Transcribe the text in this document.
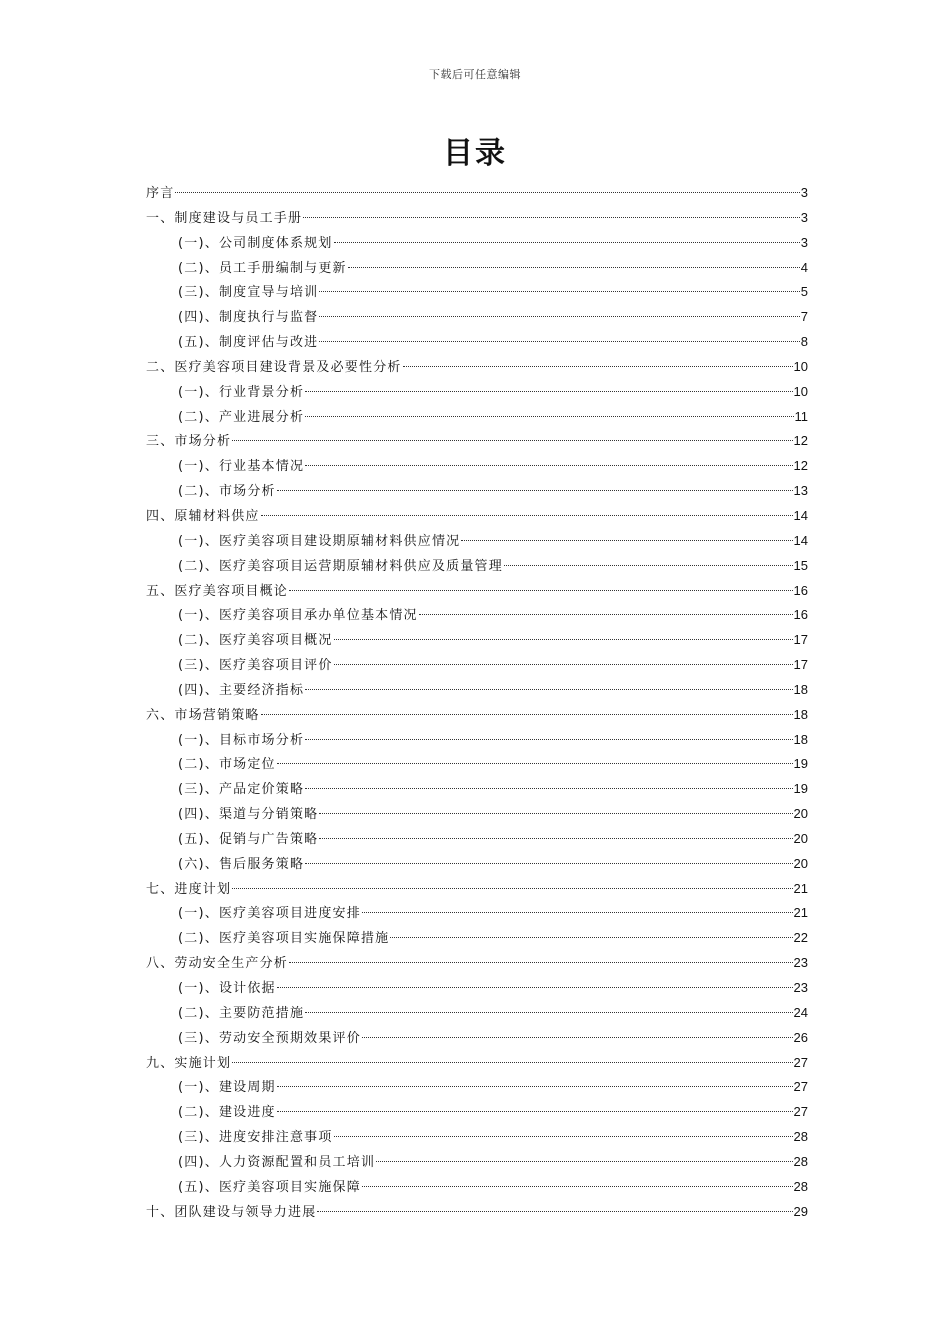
下载后可任意编辑
目录
序言	3
一、制度建设与员工手册	3
(一)、公司制度体系规划	3
(二)、员工手册编制与更新	4
(三)、制度宣导与培训	5
(四)、制度执行与监督	7
(五)、制度评估与改进	8
二、医疗美容项目建设背景及必要性分析	10
(一)、行业背景分析	10
(二)、产业进展分析	11
三、市场分析	12
(一)、行业基本情况	12
(二)、市场分析	13
四、原辅材料供应	14
(一)、医疗美容项目建设期原辅材料供应情况	14
(二)、医疗美容项目运营期原辅材料供应及质量管理	15
五、医疗美容项目概论	16
(一)、医疗美容项目承办单位基本情况	16
(二)、医疗美容项目概况	17
(三)、医疗美容项目评价	17
(四)、主要经济指标	18
六、市场营销策略	18
(一)、目标市场分析	18
(二)、市场定位	19
(三)、产品定价策略	19
(四)、渠道与分销策略	20
(五)、促销与广告策略	20
(六)、售后服务策略	20
七、进度计划	21
(一)、医疗美容项目进度安排	21
(二)、医疗美容项目实施保障措施	22
八、劳动安全生产分析	23
(一)、设计依据	23
(二)、主要防范措施	24
(三)、劳动安全预期效果评价	26
九、实施计划	27
(一)、建设周期	27
(二)、建设进度	27
(三)、进度安排注意事项	28
(四)、人力资源配置和员工培训	28
(五)、医疗美容项目实施保障	28
十、团队建设与领导力进展	29
